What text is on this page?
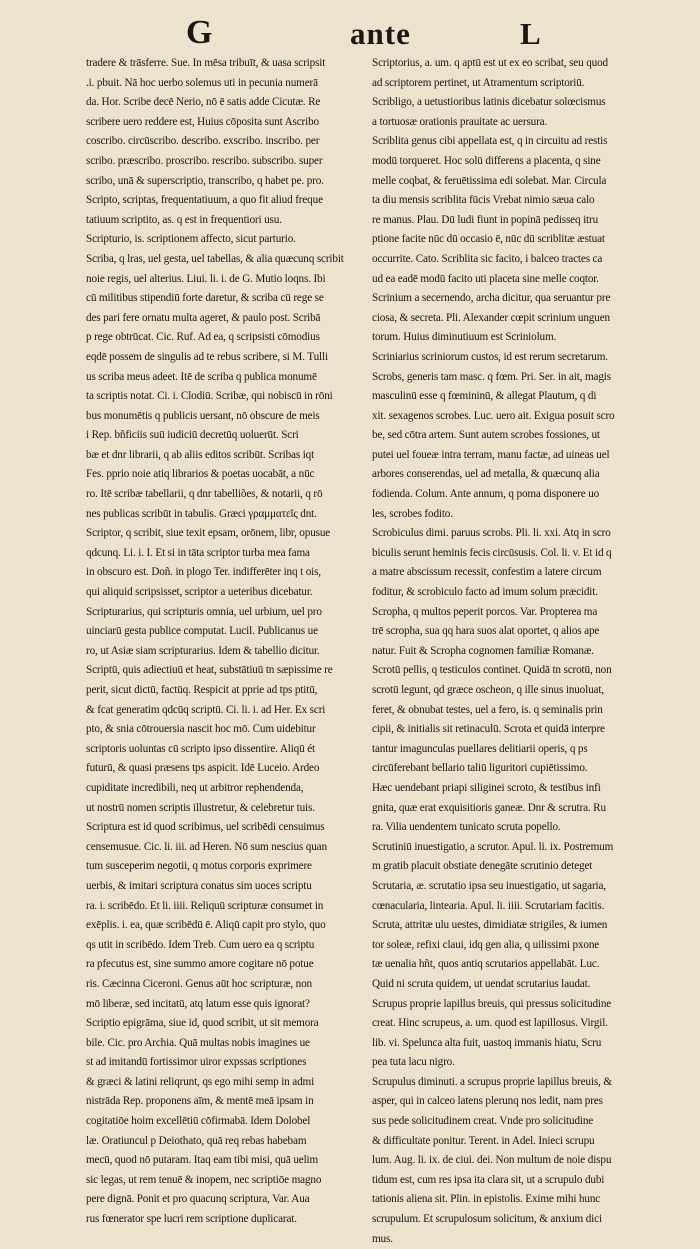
G	ante	L
tradere & trāsferre. Sue. In mēsa tribuīt, & uasa scripsit
.i. pbuit. Nā hoc uerbo solemus uti in pecunia numerā
da. Hor. Scribe decē Nerio, nō ē satis adde Cicutæ. Re
scribere uero reddere est, Huius cōposita sunt Ascribo
coscribo. circūscribo. describo. exscribo. inscribo. per
scribo. præscribo. proscribo. rescribo. subscribo. super
scribo, unā & superscriptio, transcribo, q habet pe. pro.
Scripto, scriptas, frequentatiuum, a quo fit aliud freque
tatiuum scriptito, as. q est in frequentiori usu.
Scripturio, is. scriptionem affecto, sicut parturio.
Scriba, q lras, uel gesta, uel tabellas, & alia quæcunq scribit
noie regis, uel alterius. Liui. li. i. de G. Mutio loqns. Ibi
cū militibus stipendiū forte daretur, & scriba cū rege se
des pari fere ornatu multa ageret, & paulo post. Scribā
p rege obtrūcat. Cic. Ruf. Ad ea, q scripsisti cōmodius
eqdē possem de singulis ad te rebus scribere, si M. Tulli
us scriba meus adeet. Itē de scriba q publica monumē
ta scriptis notat. Ci. i. Clodiū. Scribæ, qui nobiscū in rōni
bus monumētis q publicis uersant, nō obscure de meis
i Rep. bñficiis suū iudiciū decretūq uoluerūt. Scri
bæ et dnr librarii, q ab aliis editos scribūt. Scribas iqt
Fes. pprio noie atiq librarios & poetas uocabāt, a nūc
ro. Itē scribæ tabellarii, q dnr tabelliões, & notarii, q rō
nes publicas scribūt in tabulis. Græci γραμματεῖς dnt.
Scriptor, q scribit, siue texit epsam, orōnem, libr, opusue
qdcunq. Li. i. I. Et si in tāta scriptor turba mea fama
in obscuro est. Doñ. in plogo Ter. indifferēter inq t ois,
qui aliquid scripsisset, scriptor a ueteribus dicebatur.
Scripturarius, qui scripturis omnia, uel urbium, uel pro
uinciarū gesta publice computat. Lucil. Publicanus ue
ro, ut Asiæ siam scripturarius. Idem & tabellio dicitur.
Scriptū, quis adiectiuū et heat, substātiuū tn sæpissime re
perit, sicut dictū, factūq. Respicit at pprie ad tps ptitū,
& fcat generatim qdcūq scriptū. Ci. li. i. ad Her. Ex scri
pto, & snia cōtrouersia nascit hoc mō. Cum uidebitur
scriptoris uoluntas cū scripto ipso dissentire. Aliqū ét
futurū, & quasi præsens tps aspicit. Idē Luceio. Ardeo
cupiditate incredibili, neq ut arbitror rephendenda,
ut nostrū nomen scriptis illustretur, & celebretur tuis.
Scriptura est id quod scribimus, uel scribēdi censuimus
censemusue. Cic. li. iii. ad Heren. Nō sum nescius quan
tum susceperim negotii, q motus corporis exprimere
uerbis, & imitari scriptura conatus sim uoces scriptu
ra. i. scribēdo. Et li. iiii. Reliquū scripturæ consumet in
exēplis. i. ea, quæ scribēdū ē. Aliqū capit pro stylo, quo
qs utit in scribēdo. Idem Treb. Cum uero ea q scriptu
ra pfecutus est, sine summo amore cogitare nō potue
ris. Cæcinna Ciceroni. Genus aūt hoc scripturæ, non
mō liberæ, sed incitatū, atq latum esse quis ignorat?
Scriptio epigrāma, siue id, quod scribit, ut sit memora
bile. Cic. pro Archia. Quā multas nobis imagines ue
st ad imitandū fortissimor uiror expssas scriptiones
& græci & latini reliqrunt, qs ego mihi semp in admi
nistrāda Rep. proponens aīm, & mentē meā ipsam in
cogitatiōe hoim excellētiū cōfirmabā. Idem Dolobel
læ. Oratiuncul p Deiothato, quā req rebas habebam
mecū, quod nō putaram. Itaq eam tibi misi, quā uelim
sic legas, ut rem tenuē & inopem, nec scriptiōe magno
pere dignā. Ponit et pro quacunq scriptura, Var. Aua
rus fœnerator spe lucri rem scriptione duplicarat.
Scriptorius, a. um. q aptū est ut ex eo scribat, seu quod
ad scriptorem pertinet, ut Atramentum scriptoriū.
Scribligo, a uetustioribus latinis dicebatur solœcismus
a tortuosæ orationis prauitate ac uersura.
Scriblita genus cibi appellata est, q in circuitu ad restis
modū torqueret. Hoc solū differens a placenta, q sine
melle coqbat, & feruētissima edi solebat. Mar. Circula
ta diu mensis scriblita fūcis Vrebat nimio sæua calo
re manus. Plau. Dū ludi fiunt in popinā pedisseq itru
ptione facite nūc dū occasio ē, nūc dū scriblitæ æstuat
occurrite. Cato. Scriblita sic facito, i balceo tractes ca
ud ea eadē modū facito uti placeta sine melle coqtor.
Scrinium a secernendo, archa dicitur, qua seruantur pre
ciosa, & secreta. Pli. Alexander cœpit scrinium unguen
torum. Huius diminutiuum est Scriniolum.
Scriniarius scriniorum custos, id est rerum secretarum.
Scrobs, generis tam masc. q fœm. Pri. Ser. in ait, magis
masculinū esse q fœmininū, & allegat Plautum, q di
xit. sexagenos scrobes. Luc. uero ait. Exigua posuit scro
be, sed cōtra artem. Sunt autem scrobes fossiones, ut
putei uel foueæ intra terram, manu factæ, ad uineas uel
arbores conserendas, uel ad metalla, & quæcunq alia
fodienda. Colum. Ante annum, q poma disponere uo
les, scrobes fodito.
Scrobiculus dimi. paruus scrobs. Pli. li. xxi. Atq in scro
biculis serunt heminis fecis circūsusis. Col. li. v. Et id q
a matre abscissum recessit, confestim a latere circum
foditur, & scrobiculo facto ad imum solum præcidit.
Scropha, q multos peperit porcos. Var. Propterea ma
trē scropha, sua qq hara suos alat oportet, q alios ape
natur. Fuit & Scropha cognomen familiæ Romanæ.
Scrotū pellis, q testiculos continet. Quidā tn scrotū, non
scrotū legunt, qd græce oscheon, q ille sinus inuoluat,
feret, & obnubat testes, uel a fero, is. q seminalis prin
cipii, & initialis sit retinaculū. Scrota et quidā interpre
tantur imagunculas puellares delitiarii operis, q ps
circūferebant bellario taliū liguritori cupiētissimo.
Hæc uendebant priapi siliginei scroto, & testibus infi
gnita, quæ erat exquisitioris ganeæ. Dnr & scrutra. Ru
ra. Vilia uendentem tunicato scruta popello.
Scrutiniū inuestigatio, a scrutor. Apul. li. ix. Postremum
m gratib placuit obstiate denegāte scrutinio deteget
Scrutaria, æ. scrutatio ipsa seu inuestigatio, ut sagaria,
cœnacularia, lintearia. Apul. li. iiii. Scrutariam facitis.
Scruta, attritæ ulu uestes, dimidiatæ strigiles, & iumen
tor soleæ, refixi claui, idq gen alia, q uilissimi pxone
tæ uenalia hñt, quos antiq scrutarios appellabāt. Luc.
Quid ni scruta quidem, ut uendat scrutarius laudat.
Scrupus proprie lapillus breuis, qui pressus solicitudine
creat. Hinc scrupeus, a. um. quod est lapillosus. Virgil.
lib. vi. Spelunca alta fuit, uastoq immanis hiatu, Scru
pea tuta lacu nigro.
Scrupulus diminuti. a scrupus proprie lapillus breuis, &
asper, qui in calceo latens plerunq nos ledit, nam pres
sus pede solicitudinem creat. Vnde pro solicitudine
& difficultate ponitur. Terent. in Adel. Inieci scrupu
lum. Aug. li. ix. de ciui. dei. Non multum de noie dispu
tidum est, cum res ipsa ita clara sit, ut a scrupulo dubi
tationis aliena sit. Plin. in epistolis. Exime mihi hunc
scrupulum. Et scrupulosum solicitum, & anxium dici
mus.
